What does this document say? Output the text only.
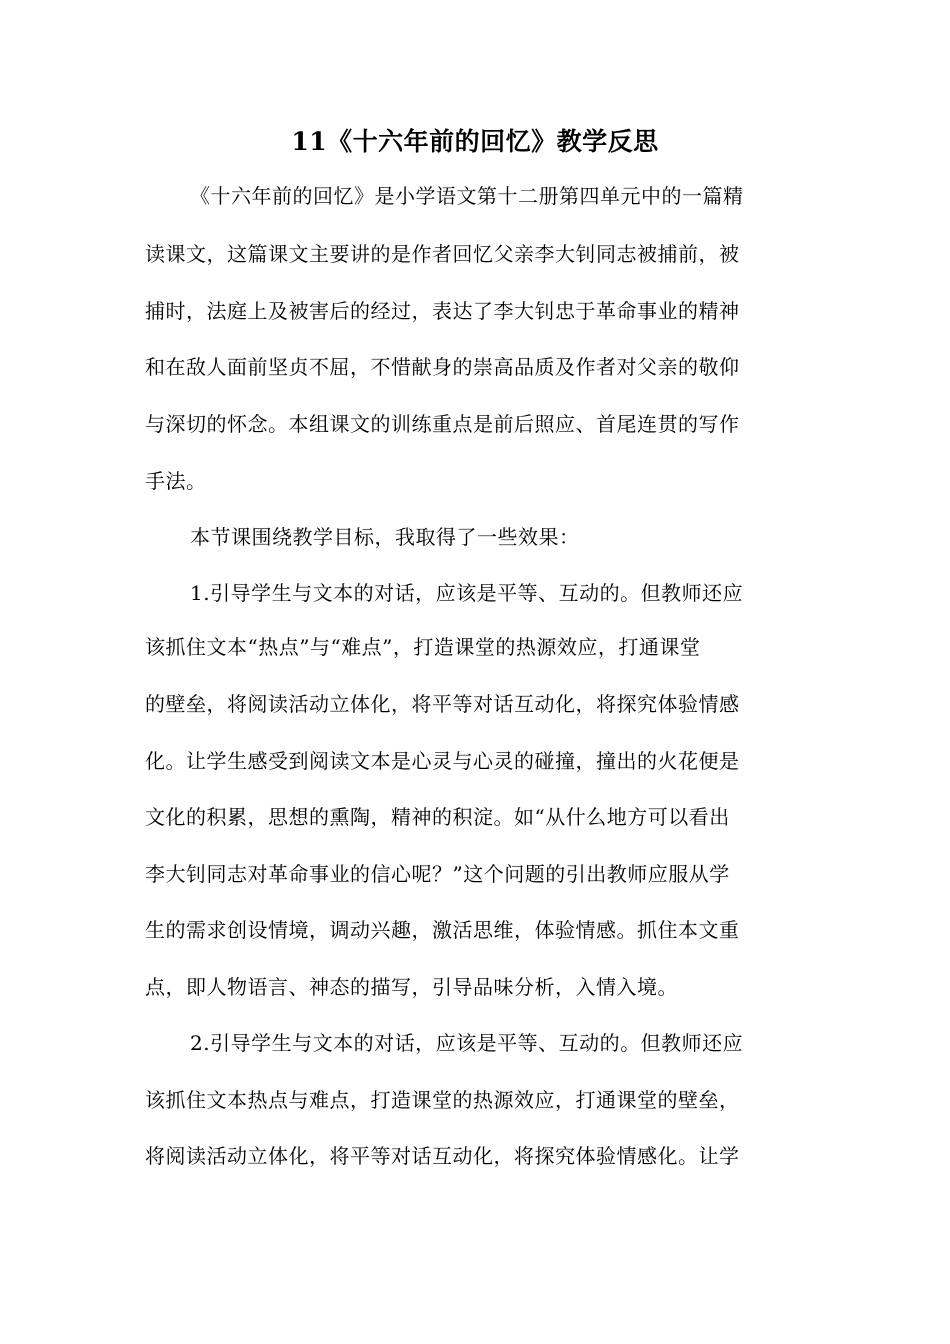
11《十六年前的回忆》教学反思
《十六年前的回忆》是小学语文第十二册第四单元中的一篇精
读课文，这篇课文主要讲的是作者回忆父亲李大钊同志被捕前，被
捕时，法庭上及被害后的经过，表达了李大钊忠于革命事业的精神
和在敌人面前坚贞不屈，不惜献身的崇高品质及作者对父亲的敬仰
与深切的怀念。本组课文的训练重点是前后照应、首尾连贯的写作
手法。
本节课围绕教学目标，我取得了一些效果：
1.引导学生与文本的对话，应该是平等、互动的。但教师还应
该抓住文本“热点”与“难点”，打造课堂的热源效应，打通课堂
的壁垒，将阅读活动立体化，将平等对话互动化，将探究体验情感
化。让学生感受到阅读文本是心灵与心灵的碰撞，撞出的火花便是
文化的积累，思想的熏陶，精神的积淀。如“从什么地方可以看出
李大钊同志对革命事业的信心呢？”这个问题的引出教师应服从学
生的需求创设情境，调动兴趣，激活思维，体验情感。抓住本文重
点，即人物语言、神态的描写，引导品味分析，入情入境。
2.引导学生与文本的对话，应该是平等、互动的。但教师还应
该抓住文本热点与难点，打造课堂的热源效应，打通课堂的壁垒，
将阅读活动立体化，将平等对话互动化，将探究体验情感化。让学
